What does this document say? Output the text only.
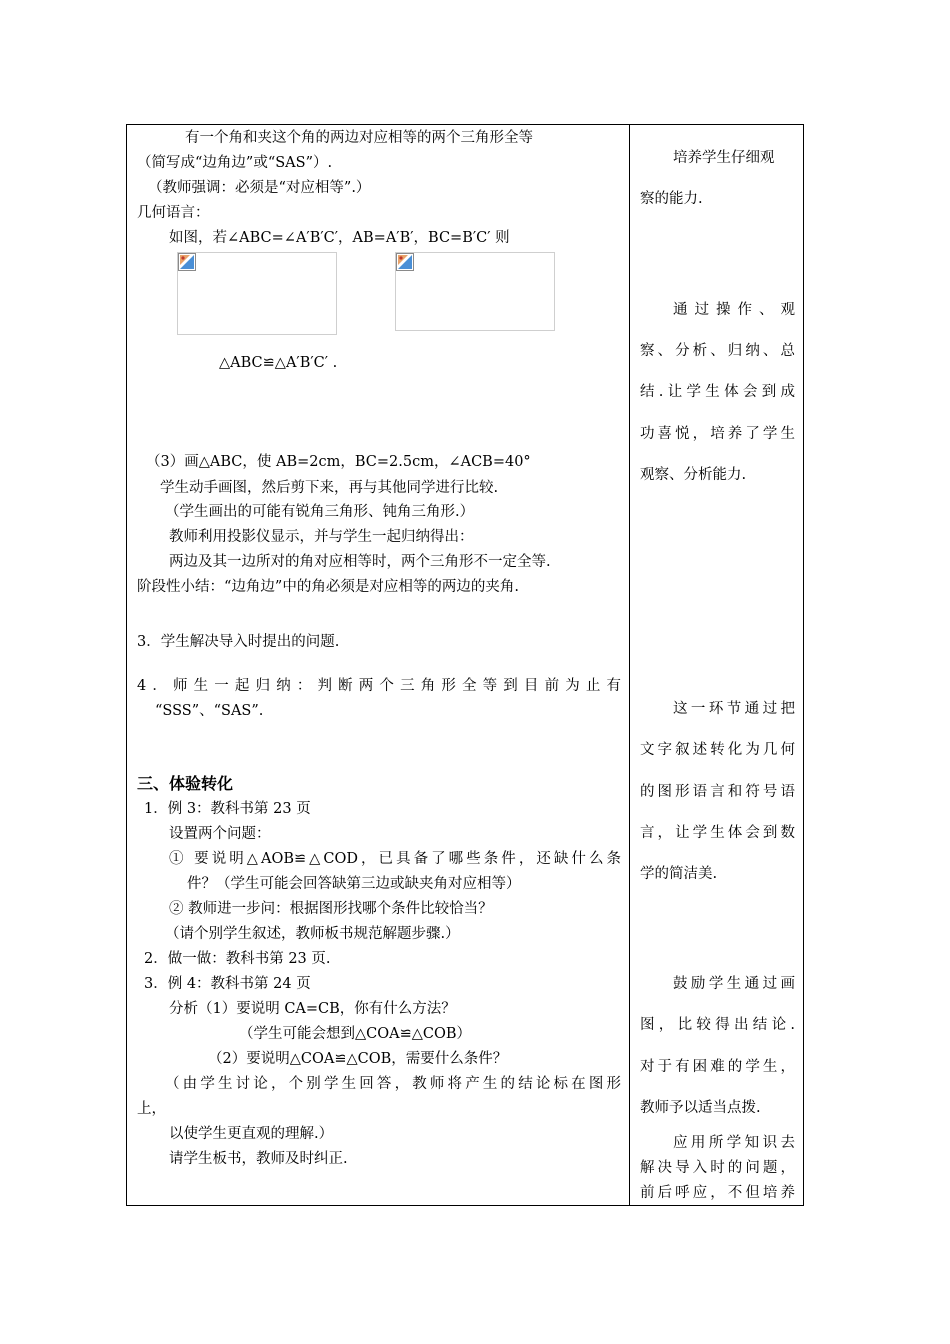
有一个角和夹这个角的两边对应相等的两个三角形全等
（简写成“边角边”或“SAS”）.
（教师强调：必须是“对应相等”.）
几何语言：
如图，若∠ABC=∠A′B′C′，AB=A′B′，BC=B′C′ 则
△ABC≌△A′B′C′ .
（3）画△ABC，使 AB=2cm，BC=2.5cm，∠ACB=40°
学生动手画图，然后剪下来，再与其他同学进行比较.
（学生画出的可能有锐角三角形、钝角三角形.）
教师利用投影仪显示，并与学生一起归纳得出：
两边及其一边所对的角对应相等时，两个三角形不一定全等.
阶段性小结：“边角边”中的角必须是对应相等的两边的夹角.
3．学生解决导入时提出的问题.
4．师生一起归纳：判断两个三角形全等到目前为止有
“SSS”、“SAS”.
三、体验转化
1．例 3：教科书第 23 页
设置两个问题：
① 要说明△AOB≌△COD，已具备了哪些条件，还缺什么条
件？（学生可能会回答缺第三边或缺夹角对应相等）
② 教师进一步问：根据图形找哪个条件比较恰当？
（请个别学生叙述，教师板书规范解题步骤.）
2．做一做：教科书第 23 页.
3．例 4：教科书第 24 页
分析（1）要说明 CA=CB，你有什么方法？
（学生可能会想到△COA≌△COB）
（2）要说明△COA≌△COB，需要什么条件？
（由学生讨论，个别学生回答，教师将产生的结论标在图形
上，
以使学生更直观的理解.）
请学生板书，教师及时纠正.
培养学生仔细观
察的能力.
通过操作、观
察、分析、归纳、总
结.让学生体会到成
功喜悦，培养了学生
观察、分析能力.
这一环节通过把
文字叙述转化为几何
的图形语言和符号语
言，让学生体会到数
学的简洁美.
鼓励学生通过画
图，比较得出结论.
对于有困难的学生，
教师予以适当点拨.
应用所学知识去
解决导入时的问题，
前后呼应，不但培养
